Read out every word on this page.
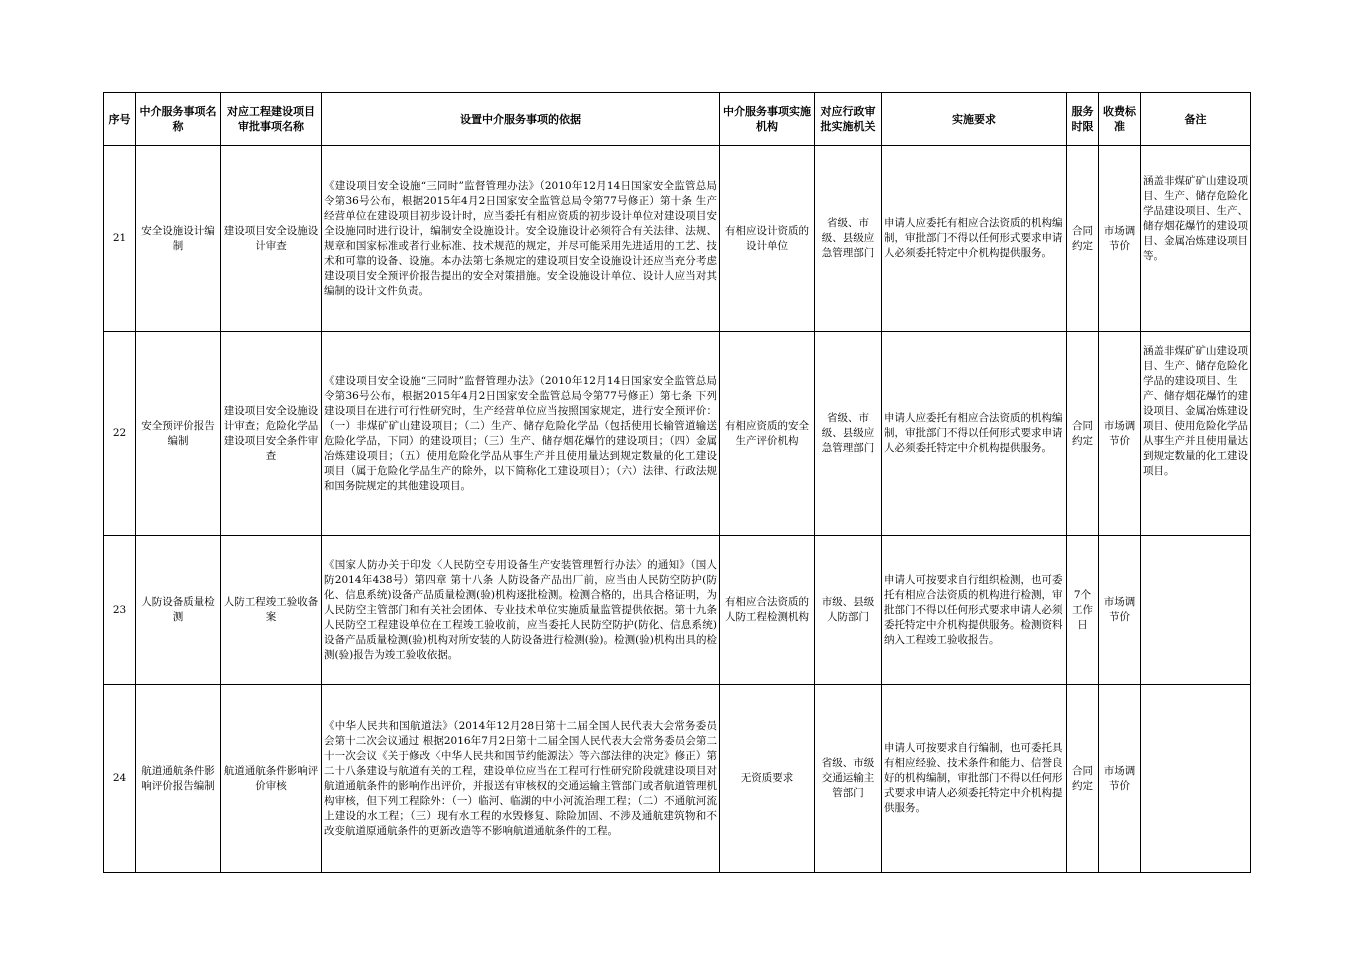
序号	中介服务事项名称	对应工程建设项目审批事项名称	设置中介服务事项的依据	中介服务事项实施机构	对应行政审批实施机关	实施要求	服务时限	收费标准	备注
21	安全设施设计编制	建设项目安全设施设计审查	《建设项目安全设施“三同时”监督管理办法》（2010年12月14日国家安全监管总局令第36号公布，根据2015年4月2日国家安全监管总局令第77号修正）第十条 生产经营单位在建设项目初步设计时，应当委托有相应资质的初步设计单位对建设项目安全设施同时进行设计，编制安全设施设计。安全设施设计必须符合有关法律、法规、规章和国家标准或者行业标准、技术规范的规定，并尽可能采用先进适用的工艺、技术和可靠的设备、设施。本办法第七条规定的建设项目安全设施设计还应当充分考虑建设项目安全预评价报告提出的安全对策措施。安全设施设计单位、设计人应当对其编制的设计文件负责。	有相应设计资质的设计单位	省级、市级、县级应急管理部门	申请人应委托有相应合法资质的机构编制，审批部门不得以任何形式要求申请人必须委托特定中介机构提供服务。	合同约定	市场调节价	涵盖非煤矿矿山建设项目、生产、储存危险化学品建设项目、生产、储存烟花爆竹的建设项目、金属冶炼建设项目等。
22	安全预评价报告编制	建设项目安全设施设计审查；危险化学品建设项目安全条件审查	《建设项目安全设施“三同时”监督管理办法》（2010年12月14日国家安全监管总局令第36号公布，根据2015年4月2日国家安全监管总局令第77号修正）第七条 下列建设项目在进行可行性研究时，生产经营单位应当按照国家规定，进行安全预评价：（一）非煤矿矿山建设项目；（二）生产、储存危险化学品（包括使用长输管道输送危险化学品，下同）的建设项目；（三）生产、储存烟花爆竹的建设项目；（四）金属冶炼建设项目；（五）使用危险化学品从事生产并且使用量达到规定数量的化工建设项目（属于危险化学品生产的除外，以下简称化工建设项目）；（六）法律、行政法规和国务院规定的其他建设项目。	有相应资质的安全生产评价机构	省级、市级、县级应急管理部门	申请人应委托有相应合法资质的机构编制，审批部门不得以任何形式要求申请人必须委托特定中介机构提供服务。	合同约定	市场调节价	涵盖非煤矿矿山建设项目、生产、储存危险化学品的建设项目、生产、储存烟花爆竹的建设项目、金属冶炼建设项目、使用危险化学品从事生产并且使用量达到规定数量的化工建设项目。
23	人防设备质量检测	人防工程竣工验收备案	《国家人防办关于印发〈人民防空专用设备生产安装管理暂行办法〉的通知》（国人防2014年438号）第四章 第十八条 人防设备产品出厂前，应当由人民防空防护(防化、信息系统)设备产品质量检测(验)机构逐批检测。检测合格的，出具合格证明，为人民防空主管部门和有关社会团体、专业技术单位实施质量监管提供依据。第十九条 人民防空工程建设单位在工程竣工验收前，应当委托人民防空防护(防化、信息系统)设备产品质量检测(验)机构对所安装的人防设备进行检测(验)。检测(验)机构出具的检测(验)报告为竣工验收依据。	有相应合法资质的人防工程检测机构	市级、县级人防部门	申请人可按要求自行组织检测，也可委托有相应合法资质的机构进行检测，审批部门不得以任何形式要求申请人必须委托特定中介机构提供服务。检测资料纳入工程竣工验收报告。	7个工作日	市场调节价	
24	航道通航条件影响评价报告编制	航道通航条件影响评价审核	《中华人民共和国航道法》（2014年12月28日第十二届全国人民代表大会常务委员会第十二次会议通过 根据2016年7月2日第十二届全国人民代表大会常务委员会第二十一次会议《关于修改〈中华人民共和国节约能源法〉等六部法律的决定》修正）第二十八条建设与航道有关的工程，建设单位应当在工程可行性研究阶段就建设项目对航道通航条件的影响作出评价，并报送有审核权的交通运输主管部门或者航道管理机构审核，但下列工程除外：（一）临河、临湖的中小河流治理工程；（二）不通航河流上建设的水工程；（三）现有水工程的水毁修复、除险加固、不涉及通航建筑物和不改变航道原通航条件的更新改造等不影响航道通航条件的工程。	无资质要求	省级、市级交通运输主管部门	申请人可按要求自行编制，也可委托具有相应经验、技术条件和能力、信誉良好的机构编制，审批部门不得以任何形式要求申请人必须委托特定中介机构提供服务。	合同约定	市场调节价	
